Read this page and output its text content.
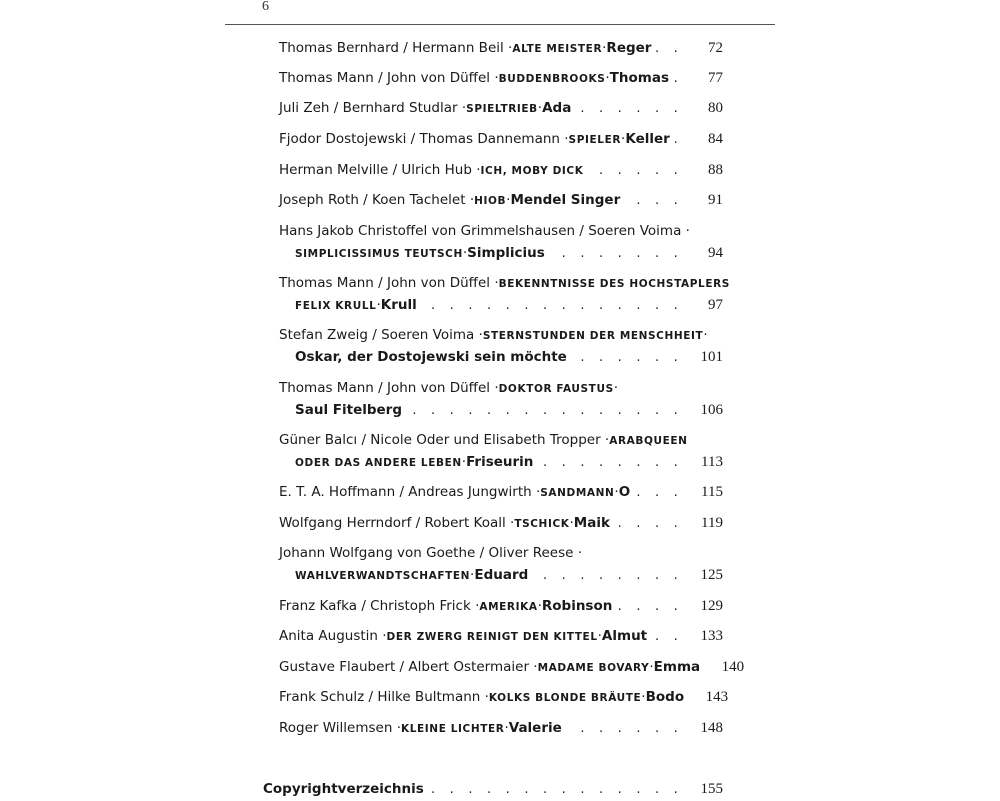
6
Thomas Bernhard / Hermann Beil · ALTE MEISTER · Reger . . .	72
Thomas Mann / John von Düffel · BUDDENBROOKS · Thomas . . .	77
Juli Zeh / Bernhard Studlar · SPIELTRIEB · Ada . . .	80
Fjodor Dostojewski / Thomas Dannemann · SPIELER · Keller . . .	84
Herman Melville / Ulrich Hub · ICH, MOBY DICK . . .	88
Joseph Roth / Koen Tachelet · HIOB · Mendel Singer . . .	91
Hans Jakob Christoffel von Grimmelshausen / Soeren Voima ·
SIMPLICISSIMUS TEUTSCH · Simplicius . . .	94
Thomas Mann / John von Düffel · BEKENNTNISSE DES HOCHSTAPLERS
FELIX KRULL · Krull . . .	97
Stefan Zweig / Soeren Voima · STERNSTUNDEN DER MENSCHHEIT ·
Oskar, der Dostojewski sein möchte . . .	101
Thomas Mann / John von Düffel · DOKTOR FAUSTUS ·
Saul Fitelberg . . .	106
Güner Balcı / Nicole Oder und Elisabeth Tropper · ARABQUEEN
ODER DAS ANDERE LEBEN · Friseurin . . .	113
E. T. A. Hoffmann / Andreas Jungwirth · SANDMANN · O . . .	115
Wolfgang Herrndorf / Robert Koall · TSCHICK · Maik . . .	119
Johann Wolfgang von Goethe / Oliver Reese ·
WAHLVERWANDTSCHAFTEN · Eduard . . .	125
Franz Kafka / Christoph Frick · AMERIKA · Robinson . . .	129
Anita Augustin · DER ZWERG REINIGT DEN KITTEL · Almut . . .	133
Gustave Flaubert / Albert Ostermaier · MADAME BOVARY · Emma	140
Frank Schulz / Hilke Bultmann · KOLKS BLONDE BRÄUTE · Bodo	143
Roger Willemsen · KLEINE LICHTER · Valerie . . .	148
Copyrightverzeichnis . . .	155
